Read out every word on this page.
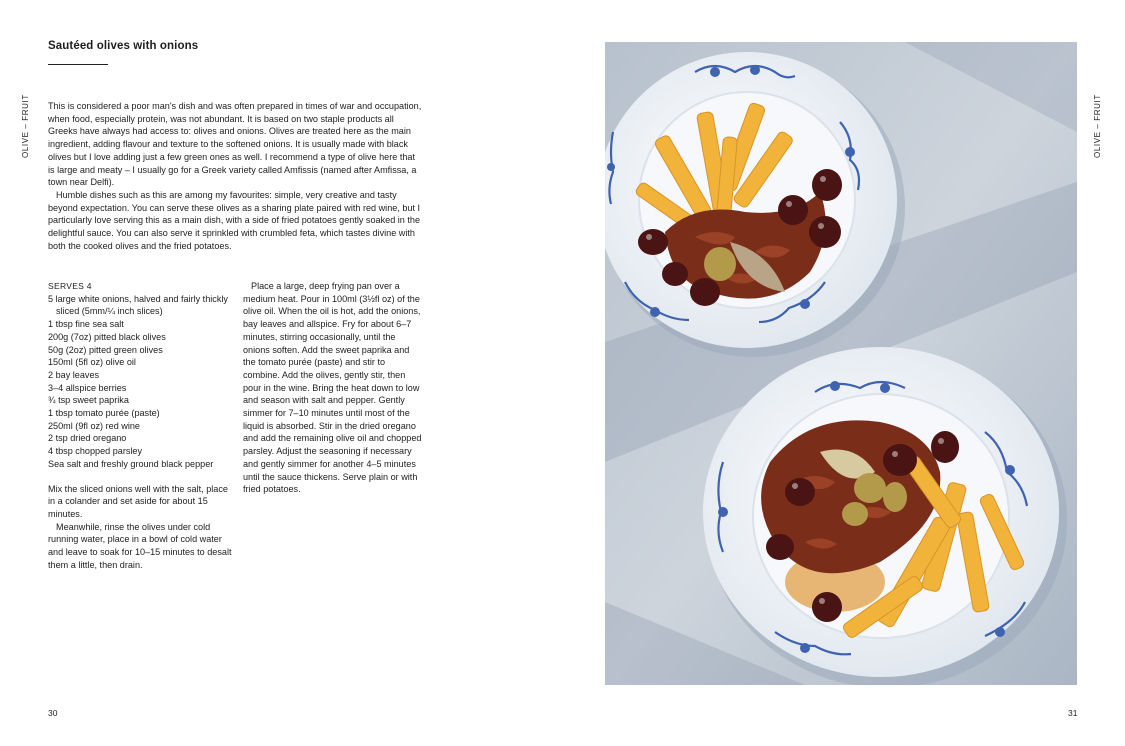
OLIVE – FRUIT
Sautéed olives with onions

This is considered a poor man's dish and was often prepared in times of war and occupation, when food, especially protein, was not abundant. It is based on two staple products all Greeks have always had access to: olives and onions. Olives are treated here as the main ingredient, adding flavour and texture to the softened onions. It is usually made with black olives but I love adding just a few green ones as well. I recommend a type of olive here that is large and meaty – I usually go for a Greek variety called Amfissis (named after Amfissa, a town near Delfi).

Humble dishes such as this are among my favourites: simple, very creative and tasty beyond expectation. You can serve these olives as a sharing plate paired with red wine, but I particularly love serving this as a main dish, with a side of fried potatoes gently soaked in the delightful sauce. You can also serve it sprinkled with crumbled feta, which tastes divine with both the cooked olives and the fried potatoes.

SERVES 4
5 large white onions, halved and fairly thickly sliced (5mm/¼ inch slices)
1 tbsp fine sea salt
200g (7oz) pitted black olives
50g (2oz) pitted green olives
150ml (5fl oz) olive oil
2 bay leaves
3–4 allspice berries
¾ tsp sweet paprika
1 tbsp tomato purée (paste)
250ml (9fl oz) red wine
2 tsp dried oregano
4 tbsp chopped parsley
Sea salt and freshly ground black pepper

Mix the sliced onions well with the salt, place in a colander and set aside for about 15 minutes.

Meanwhile, rinse the olives under cold running water, place in a bowl of cold water and leave to soak for 10–15 minutes to desalt them a little, then drain.

Place a large, deep frying pan over a medium heat. Pour in 100ml (3½fl oz) of the olive oil. When the oil is hot, add the onions, bay leaves and allspice. Fry for about 6–7 minutes, stirring occasionally, until the onions soften. Add the sweet paprika and the tomato purée (paste) and stir to combine. Add the olives, gently stir, then pour in the wine. Bring the heat down to low and season with salt and pepper. Gently simmer for 7–10 minutes until most of the liquid is absorbed. Stir in the dried oregano and add the remaining olive oil and chopped parsley. Adjust the seasoning if necessary and gently simmer for another 4–5 minutes until the sauce thickens. Serve plain or with fried potatoes.

30
OLIVE – FRUIT
31
